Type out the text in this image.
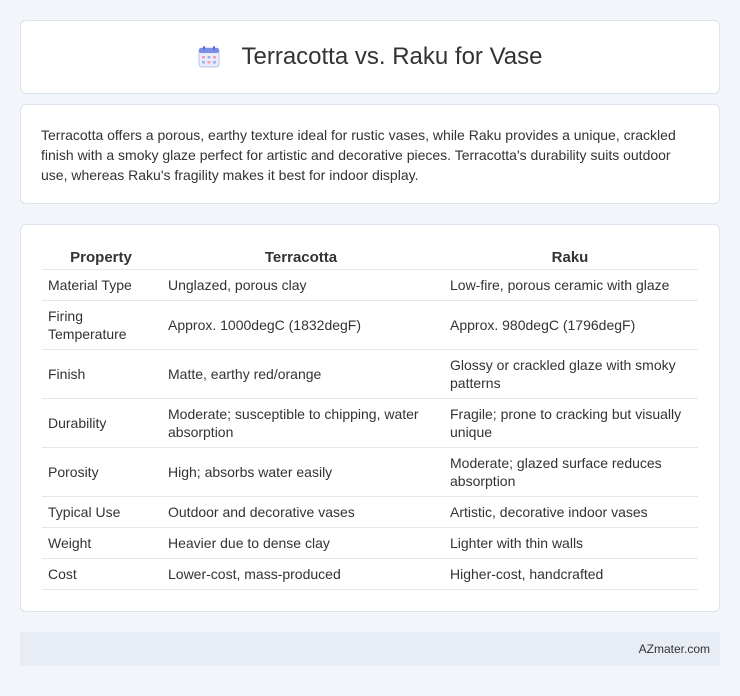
Terracotta vs. Raku for Vase

Terracotta offers a porous, earthy texture ideal for rustic vases, while Raku provides a unique, crackled finish with a smoky glaze perfect for artistic and decorative pieces. Terracotta's durability suits outdoor use, whereas Raku's fragility makes it best for indoor display.

Property	Terracotta	Raku
Material Type	Unglazed, porous clay	Low-fire, porous ceramic with glaze
Firing Temperature	Approx. 1000degC (1832degF)	Approx. 980degC (1796degF)
Finish	Matte, earthy red/orange	Glossy or crackled glaze with smoky patterns
Durability	Moderate; susceptible to chipping, water absorption	Fragile; prone to cracking but visually unique
Porosity	High; absorbs water easily	Moderate; glazed surface reduces absorption
Typical Use	Outdoor and decorative vases	Artistic, decorative indoor vases
Weight	Heavier due to dense clay	Lighter with thin walls
Cost	Lower-cost, mass-produced	Higher-cost, handcrafted
AZmater.com
